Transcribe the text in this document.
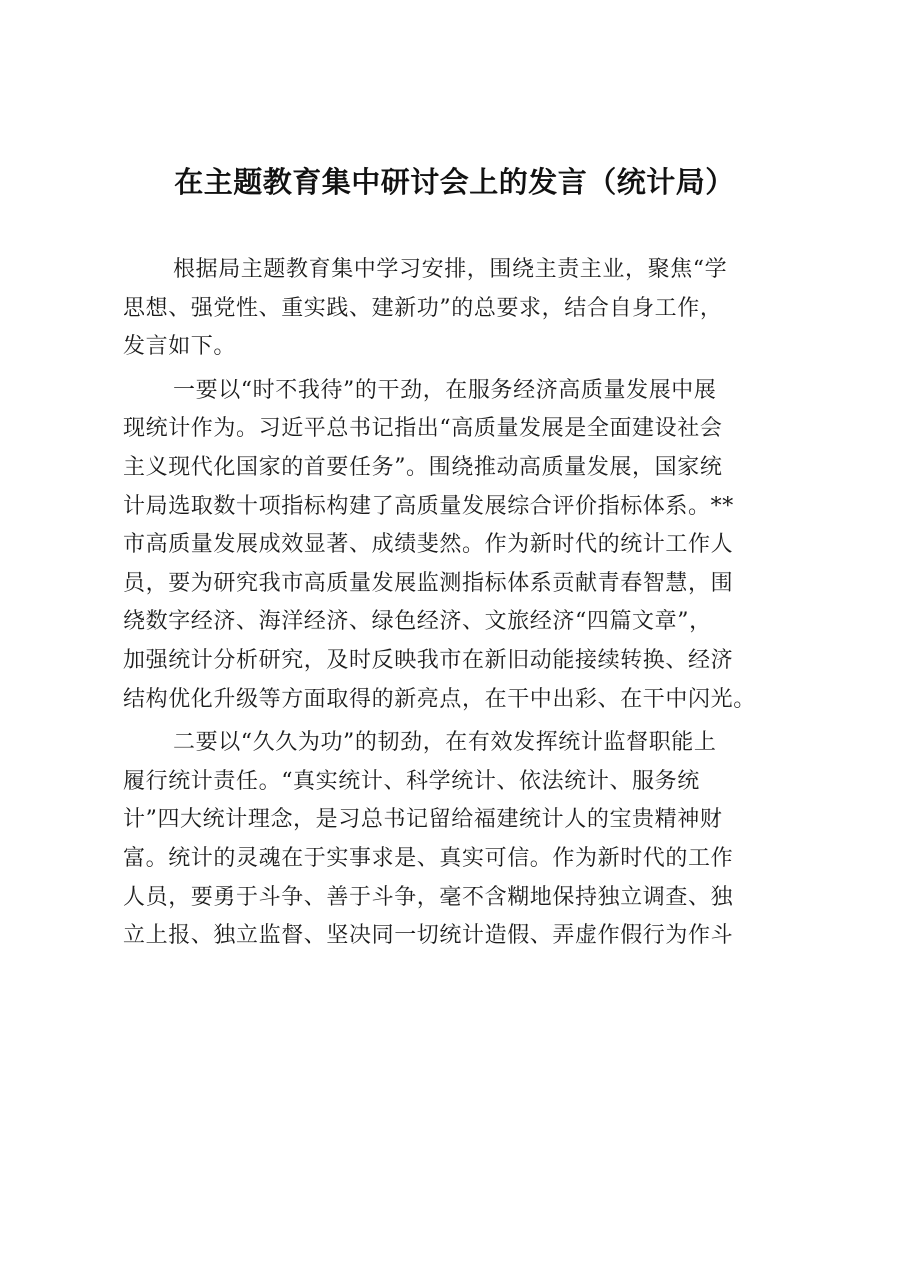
在主题教育集中研讨会上的发言（统计局）
根据局主题教育集中学习安排，围绕主责主业，聚焦“学
思想、强党性、重实践、建新功”的总要求，结合自身工作，
发言如下。
一要以“时不我待”的干劲，在服务经济高质量发展中展
现统计作为。习近平总书记指出“高质量发展是全面建设社会
主义现代化国家的首要任务”。围绕推动高质量发展，国家统
计局选取数十项指标构建了高质量发展综合评价指标体系。**
市高质量发展成效显著、成绩斐然。作为新时代的统计工作人
员，要为研究我市高质量发展监测指标体系贡献青春智慧，围
绕数字经济、海洋经济、绿色经济、文旅经济“四篇文章”，
加强统计分析研究，及时反映我市在新旧动能接续转换、经济
结构优化升级等方面取得的新亮点，在干中出彩、在干中闪光。
二要以“久久为功”的韧劲，在有效发挥统计监督职能上
履行统计责任。“真实统计、科学统计、依法统计、服务统
计”四大统计理念，是习总书记留给福建统计人的宝贵精神财
富。统计的灵魂在于实事求是、真实可信。作为新时代的工作
人员，要勇于斗争、善于斗争，毫不含糊地保持独立调查、独
立上报、独立监督、坚决同一切统计造假、弄虚作假行为作斗
